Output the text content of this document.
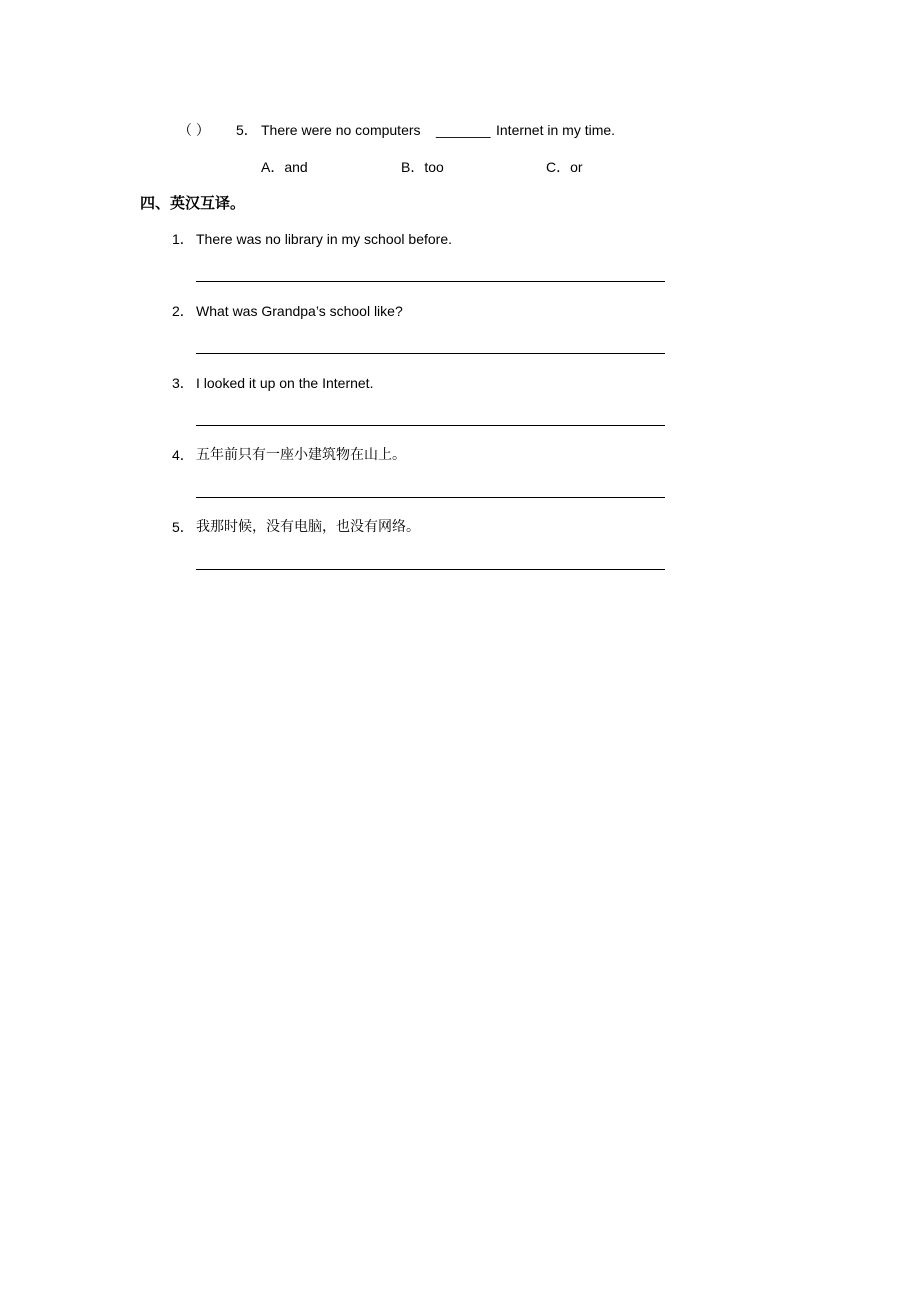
（ ） 5． There were no computers _______ Internet in my time.
A．and	B．too	C．or
四、英汉互译。
1． There was no library in my school before.
2． What was Grandpa’s school like?
3． I looked it up on the Internet.
4． 五年前只有一座小建筑物在山上。
5． 我那时候，没有电脑，也没有网络。
